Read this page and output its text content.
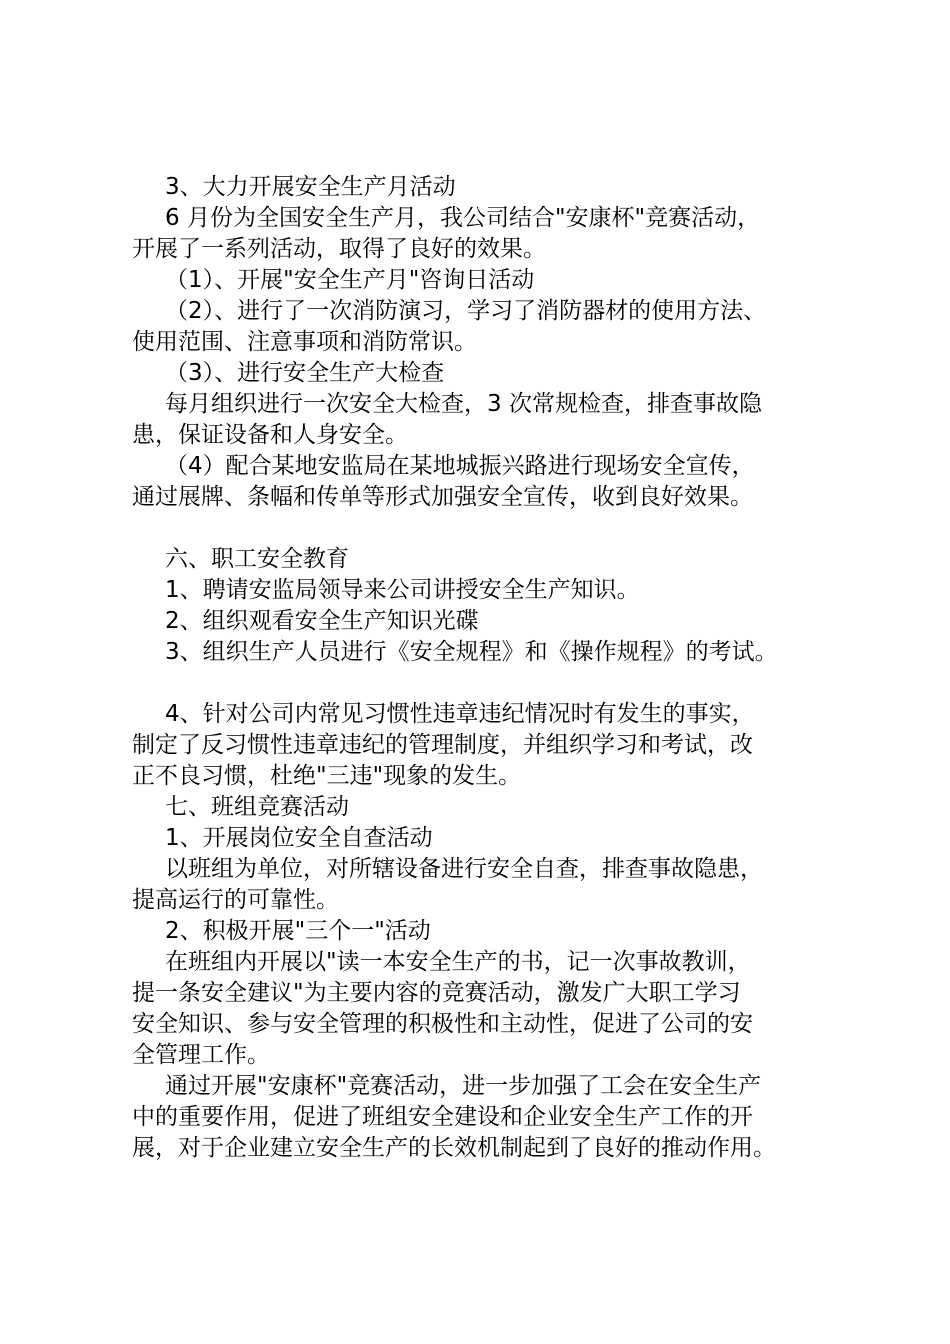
3、大力开展安全生产月活动

6 月份为全国安全生产月，我公司结合"安康杯"竞赛活动，

开展了一系列活动，取得了良好的效果。

（1）、开展"安全生产月"咨询日活动

（2）、进行了一次消防演习，学习了消防器材的使用方法、

使用范围、注意事项和消防常识。

（3）、进行安全生产大检查

每月组织进行一次安全大检查，3 次常规检查，排查事故隐

患，保证设备和人身安全。

（4）配合某地安监局在某地城振兴路进行现场安全宣传，

通过展牌、条幅和传单等形式加强安全宣传，收到良好效果。

六、职工安全教育

1、聘请安监局领导来公司讲授安全生产知识。

2、组织观看安全生产知识光碟

3、组织生产人员进行《安全规程》和《操作规程》的考试。

4、针对公司内常见习惯性违章违纪情况时有发生的事实，

制定了反习惯性违章违纪的管理制度，并组织学习和考试，改

正不良习惯，杜绝"三违"现象的发生。

七、班组竞赛活动

1、开展岗位安全自查活动

以班组为单位，对所辖设备进行安全自查，排查事故隐患，

提高运行的可靠性。

2、积极开展"三个一"活动

在班组内开展以"读一本安全生产的书，记一次事故教训，

提一条安全建议"为主要内容的竞赛活动，激发广大职工学习

安全知识、参与安全管理的积极性和主动性，促进了公司的安

全管理工作。

通过开展"安康杯"竞赛活动，进一步加强了工会在安全生产

中的重要作用，促进了班组安全建设和企业安全生产工作的开

展，对于企业建立安全生产的长效机制起到了良好的推动作用。
